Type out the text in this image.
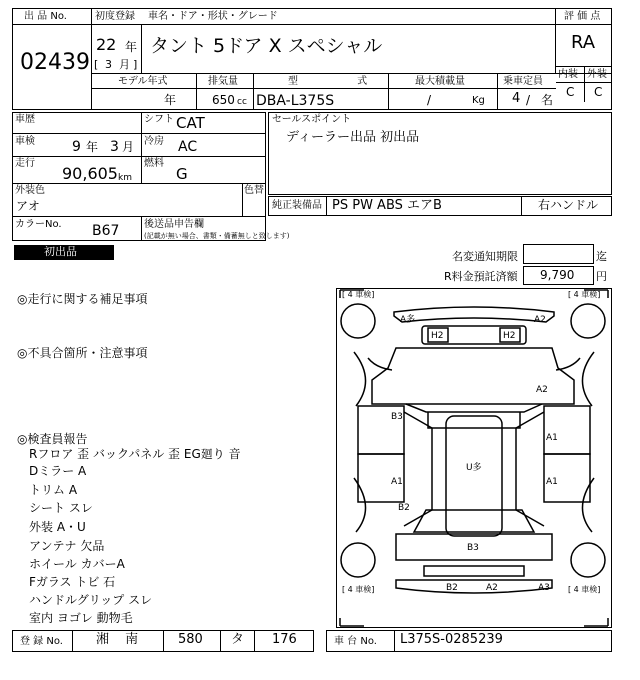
出 品 No.
02439
初度登録
22 年
[ 3 月 ]
車名・ドア・形状・グレード
タント 5ドア X スペシャル
評 価 点
RA
内装 外装
C C
モデル年式
年
排気量
650 cc
型 式
DBA-L375S
最大積載量
/	Kg
乗車定員
4 / 名
車歴	シフト CAT
車検	9 年 3 月 冷房 AC
走行
90,605 km
燃料
G
外装色
アオ
色替
カラーNo. B67 後送品申告欄
(記載が無い場合、書類・備蓄無しと致します)
セールスポイント
ディーラー出品 初出品
純正装備品 PS PW ABS エアB	右ハンドル
初出品	名変通知期限	迄
R料金預託済額 9,790 円
◎走行に関する補足事項
◎不具合箇所・注意事項
◎検査員報告
Rフロア 歪 バックパネル 歪 EG廻り 音
Dミラー A
トリム A
シート スレ
外装 A・U
アンテナ 欠品
ホイール カバーA
Fガラス トビ 石
ハンドルグリップ スレ
室内 ヨゴレ 動物毛
[ 4 車検]	[ 4 車検]
[ 4 車検]	[ 4 車検]
A多	A2
H2	H2
A2
B3
A1
U多
A1	A1
B2
B3
B2	A2	A3
登 録 No.	湘 南	580 タ 176	車 台 No. L375S-0285239
